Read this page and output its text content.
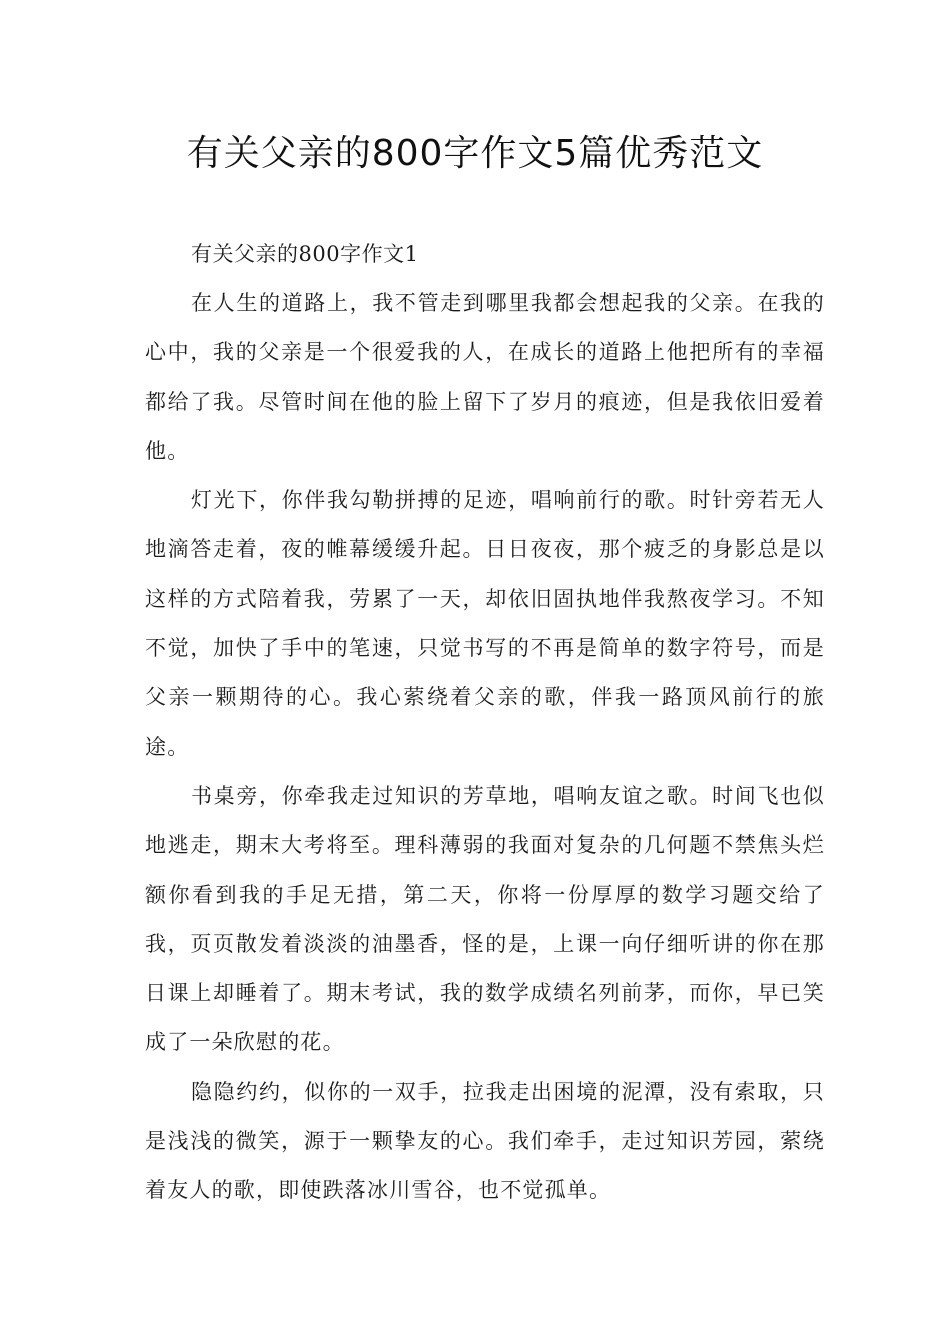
有关父亲的800字作文5篇优秀范文

有关父亲的800字作文1

在人生的道路上，我不管走到哪里我都会想起我的父亲。在我的心中，我的父亲是一个很爱我的人，在成长的道路上他把所有的幸福都给了我。尽管时间在他的脸上留下了岁月的痕迹，但是我依旧爱着他。

灯光下，你伴我勾勒拼搏的足迹，唱响前行的歌。时针旁若无人地滴答走着，夜的帷幕缓缓升起。日日夜夜，那个疲乏的身影总是以这样的方式陪着我，劳累了一天，却依旧固执地伴我熬夜学习。不知不觉，加快了手中的笔速，只觉书写的不再是简单的数字符号，而是父亲一颗期待的心。我心萦绕着父亲的歌，伴我一路顶风前行的旅途。

书桌旁，你牵我走过知识的芳草地，唱响友谊之歌。时间飞也似地逃走，期末大考将至。理科薄弱的我面对复杂的几何题不禁焦头烂额你看到我的手足无措，第二天，你将一份厚厚的数学习题交给了我，页页散发着淡淡的油墨香，怪的是，上课一向仔细听讲的你在那日课上却睡着了。期末考试，我的数学成绩名列前茅，而你，早已笑成了一朵欣慰的花。

隐隐约约，似你的一双手，拉我走出困境的泥潭，没有索取，只是浅浅的微笑，源于一颗挚友的心。我们牵手，走过知识芳园，萦绕着友人的歌，即使跌落冰川雪谷，也不觉孤单。
